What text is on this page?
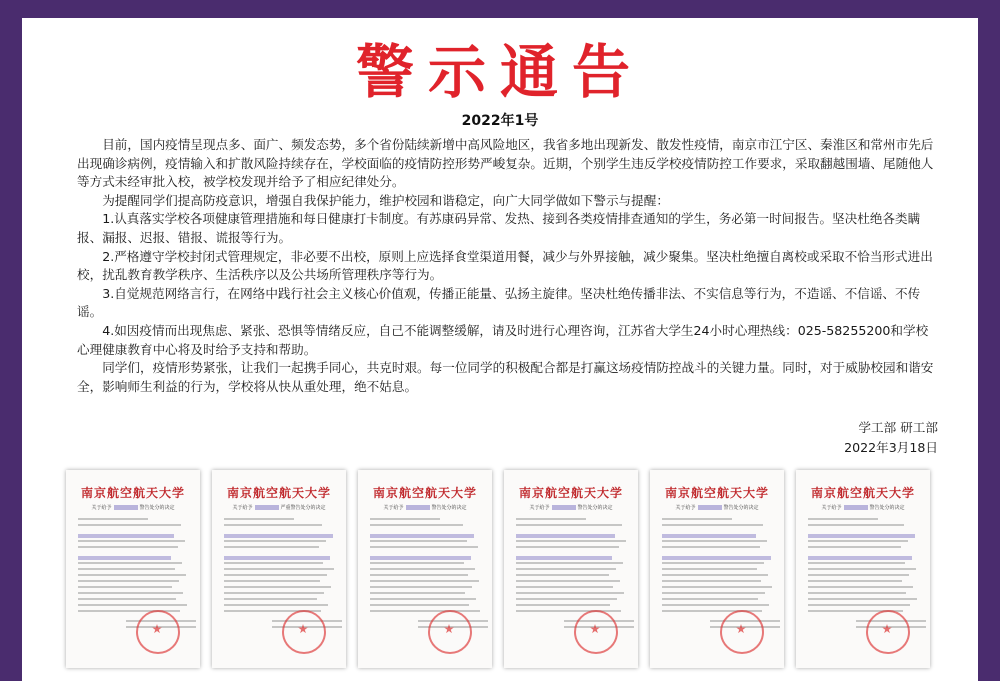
警示通告
2022年1号

目前，国内疫情呈现点多、面广、频发态势，多个省份陆续新增中高风险地区，我省多地出现新发、散发性疫情，南京市江宁区、秦淮区和常州市先后出现确诊病例，疫情输入和扩散风险持续存在，学校面临的疫情防控形势严峻复杂。近期，个别学生违反学校疫情防控工作要求，采取翻越围墙、尾随他人等方式未经审批入校，被学校发现并给予了相应纪律处分。

为提醒同学们提高防疫意识，增强自我保护能力，维护校园和谐稳定，向广大同学做如下警示与提醒：

1.认真落实学校各项健康管理措施和每日健康打卡制度。有苏康码异常、发热、接到各类疫情排查通知的学生，务必第一时间报告。坚决杜绝各类瞒报、漏报、迟报、错报、谎报等行为。

2.严格遵守学校封闭式管理规定，非必要不出校，原则上应选择食堂渠道用餐，减少与外界接触，减少聚集。坚决杜绝擅自离校或采取不恰当形式进出校，扰乱教育教学秩序、生活秩序以及公共场所管理秩序等行为。

3.自觉规范网络言行，在网络中践行社会主义核心价值观，传播正能量、弘扬主旋律。坚决杜绝传播非法、不实信息等行为，不造谣、不信谣、不传谣。

4.如因疫情而出现焦虑、紧张、恐惧等情绪反应，自己不能调整缓解，请及时进行心理咨询，江苏省大学生24小时心理热线：025-58255200和学校心理健康教育中心将及时给予支持和帮助。

同学们，疫情形势紧张，让我们一起携手同心，共克时艰。每一位同学的积极配合都是打赢这场疫情防控战斗的关键力量。同时，对于威胁校园和谐安全，影响师生利益的行为，学校将从快从重处理，绝不姑息。

学工部 研工部
2022年3月18日
南京航空航天大学
关于给予	警告处分的决定
南京航空航天大学
关于给予	严重警告处分的决定
南京航空航天大学
关于给予	警告处分的决定
南京航空航天大学
关于给予	警告处分的决定
南京航空航天大学
关于给予	警告处分的决定
南京航空航天大学
关于给予	警告处分的决定
